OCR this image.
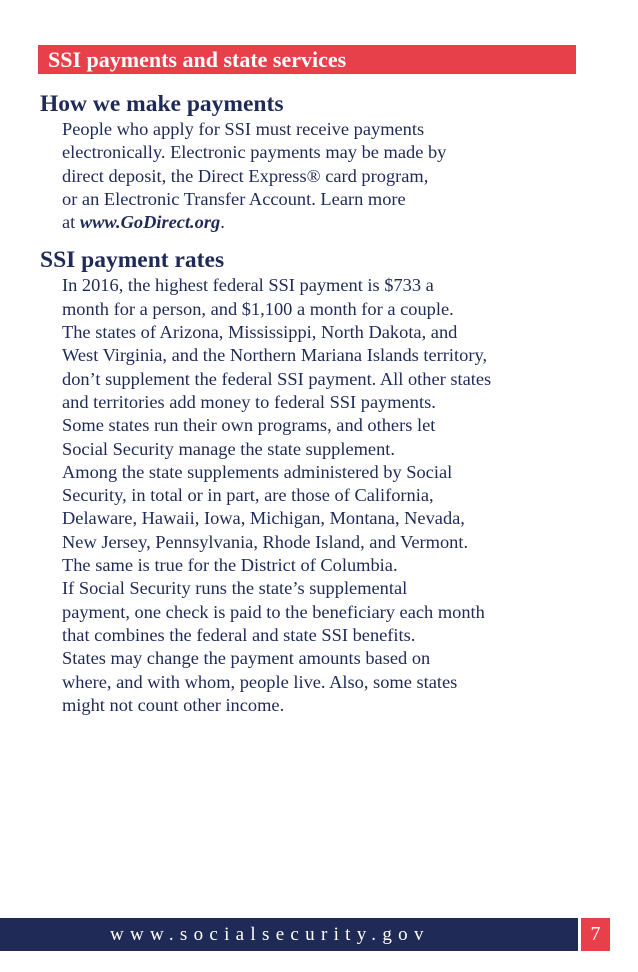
SSI payments and state services
How we make payments

People who apply for SSI must receive payments
electronically. Electronic payments may be made by
direct deposit, the Direct Express® card program,
or an Electronic Transfer Account. Learn more
at www.GoDirect.org.

SSI payment rates

In 2016, the highest federal SSI payment is $733 a
month for a person, and $1,100 a month for a couple.

The states of Arizona, Mississippi, North Dakota, and
West Virginia, and the Northern Mariana Islands territory,
don’t supplement the federal SSI payment. All other states
and territories add money to federal SSI payments.

Some states run their own programs, and others let
Social Security manage the state supplement.

Among the state supplements administered by Social
Security, in total or in part, are those of California,
Delaware, Hawaii, Iowa, Michigan, Montana, Nevada,
New Jersey, Pennsylvania, Rhode Island, and Vermont.
The same is true for the District of Columbia.

If Social Security runs the state’s supplemental
payment, one check is paid to the beneficiary each month
that combines the federal and state SSI benefits.

States may change the payment amounts based on
where, and with whom, people live. Also, some states
might not count other income.

www.socialsecurity.gov	7
